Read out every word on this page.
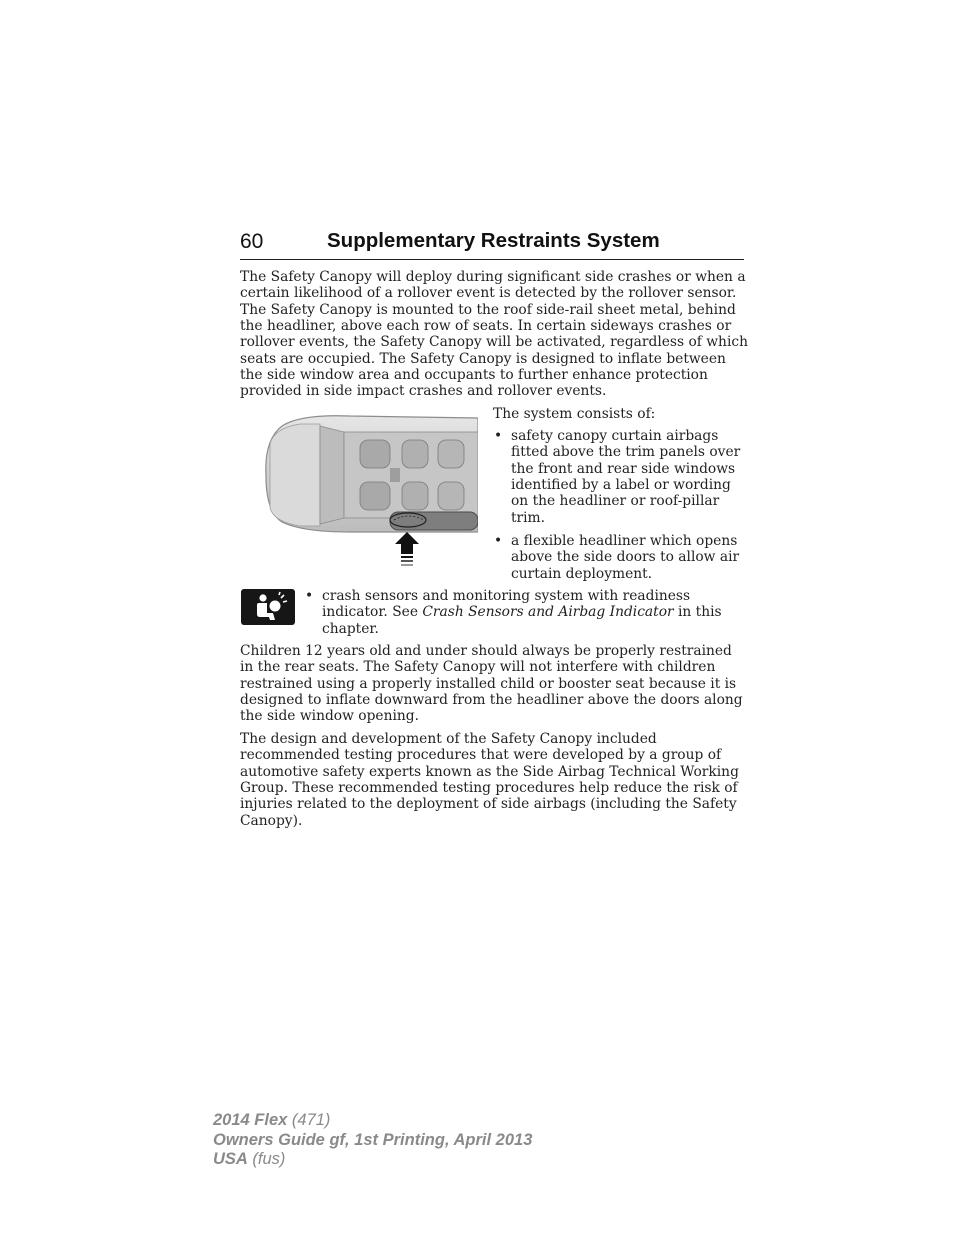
60	Supplementary Restraints System

The Safety Canopy will deploy during significant side crashes or when a certain likelihood of a rollover event is detected by the rollover sensor. The Safety Canopy is mounted to the roof side-rail sheet metal, behind the headliner, above each row of seats. In certain sideways crashes or rollover events, the Safety Canopy will be activated, regardless of which seats are occupied. The Safety Canopy is designed to inflate between the side window area and occupants to further enhance protection provided in side impact crashes and rollover events.

The system consists of:
• safety canopy curtain airbags fitted above the trim panels over the front and rear side windows identified by a label or wording on the headliner or roof-pillar trim.
• a flexible headliner which opens above the side doors to allow air curtain deployment.
• crash sensors and monitoring system with readiness indicator. See Crash Sensors and Airbag Indicator in this chapter.

Children 12 years old and under should always be properly restrained in the rear seats. The Safety Canopy will not interfere with children restrained using a properly installed child or booster seat because it is designed to inflate downward from the headliner above the doors along the side window opening.

The design and development of the Safety Canopy included recommended testing procedures that were developed by a group of automotive safety experts known as the Side Airbag Technical Working Group. These recommended testing procedures help reduce the risk of injuries related to the deployment of side airbags (including the Safety Canopy).

2014 Flex (471)
Owners Guide gf, 1st Printing, April 2013
USA (fus)
